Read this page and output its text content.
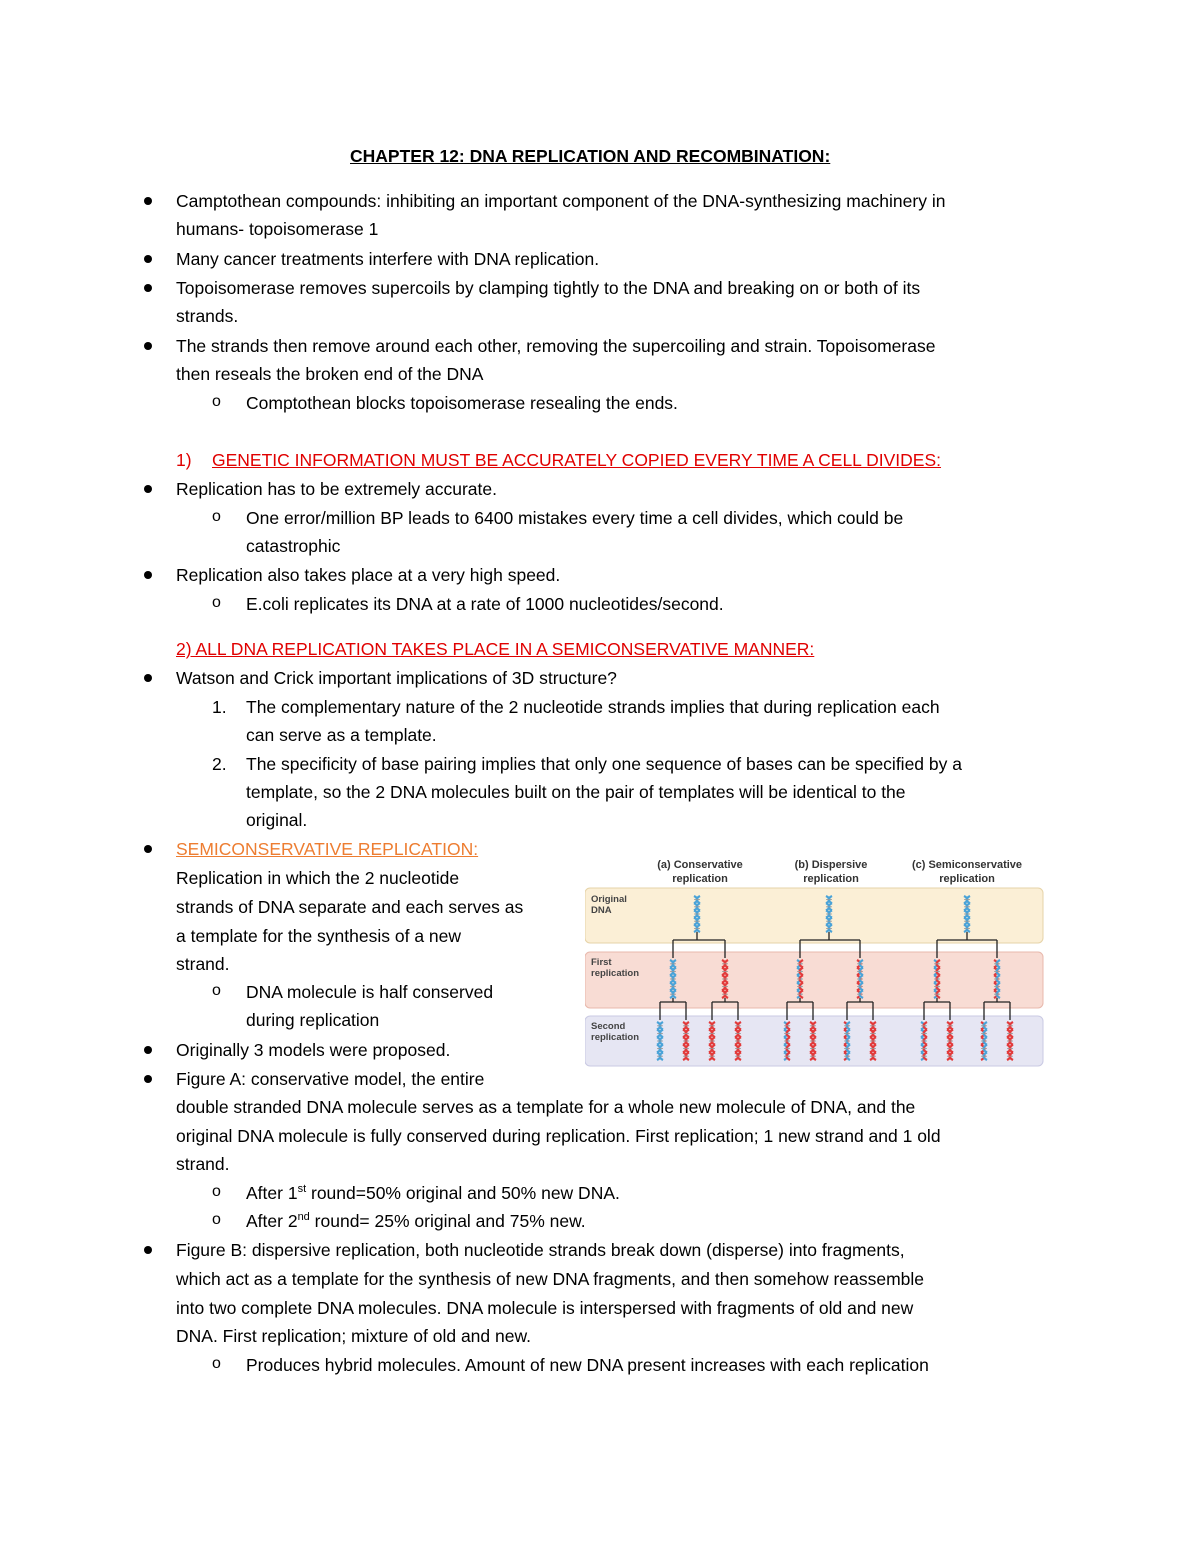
CHAPTER 12: DNA REPLICATION AND RECOMBINATION:
Camptothean compounds: inhibiting an important component of the DNA-synthesizing machinery in
humans- topoisomerase 1
Many cancer treatments interfere with DNA replication.
Topoisomerase removes supercoils by clamping tightly to the DNA and breaking on or both of its
strands.
The strands then remove around each other, removing the supercoiling and strain. Topoisomerase
then reseals the broken end of the DNA
o Comptothean blocks topoisomerase resealing the ends.
1) GENETIC INFORMATION MUST BE ACCURATELY COPIED EVERY TIME A CELL DIVIDES:
Replication has to be extremely accurate.
o One error/million BP leads to 6400 mistakes every time a cell divides, which could be
catastrophic
Replication also takes place at a very high speed.
o E.coli replicates its DNA at a rate of 1000 nucleotides/second.
2) ALL DNA REPLICATION TAKES PLACE IN A SEMICONSERVATIVE MANNER:
Watson and Crick important implications of 3D structure?
1. The complementary nature of the 2 nucleotide strands implies that during replication each
can serve as a template.
2. The specificity of base pairing implies that only one sequence of bases can be specified by a
template, so the 2 DNA molecules built on the pair of templates will be identical to the
original.
SEMICONSERVATIVE REPLICATION:
Replication in which the 2 nucleotide
strands of DNA separate and each serves as
a template for the synthesis of a new
strand.
o DNA molecule is half conserved
during replication
Originally 3 models were proposed.
Figure A: conservative model, the entire
double stranded DNA molecule serves as a template for a whole new molecule of DNA, and the
original DNA molecule is fully conserved during replication. First replication; 1 new strand and 1 old
strand.
o After 1st round=50% original and 50% new DNA.
o After 2nd round= 25% original and 75% new.
Figure B: dispersive replication, both nucleotide strands break down (disperse) into fragments,
which act as a template for the synthesis of new DNA fragments, and then somehow reassemble
into two complete DNA molecules. DNA molecule is interspersed with fragments of old and new
DNA. First replication; mixture of old and new.
o Produces hybrid molecules. Amount of new DNA present increases with each replication
(a) Conservative
replication
(b) Dispersive
replication
(c) Semiconservative
replication
Original
DNA
First
replication
Second
replication
